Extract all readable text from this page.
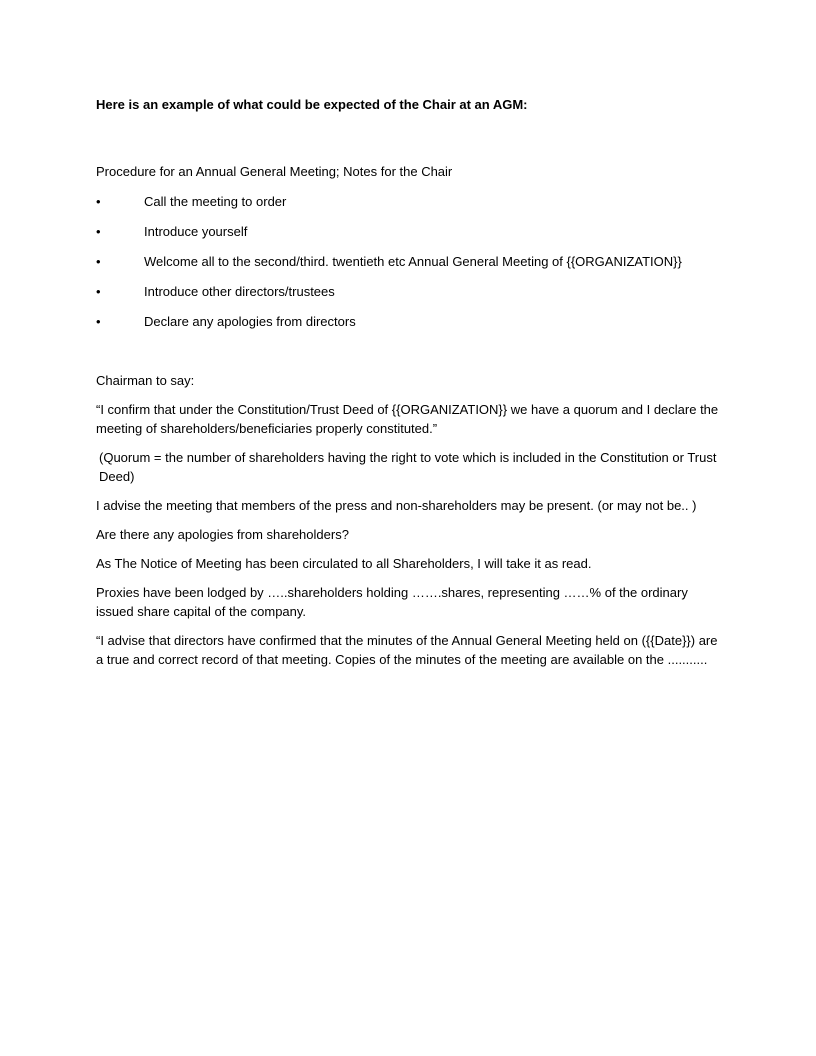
Here is an example of what could be expected of the Chair at an AGM:

Procedure for an Annual General Meeting; Notes for the Chair

•	Call the meeting to order
•	Introduce yourself
•	Welcome all to the second/third. twentieth etc Annual General Meeting of {{ORGANIZATION}}
•	Introduce other directors/trustees
•	Declare any apologies from directors

Chairman to say:

“I confirm that under the Constitution/Trust Deed of {{ORGANIZATION}} we have a quorum and I declare the meeting of shareholders/beneficiaries properly constituted.”

(Quorum = the number of shareholders having the right to vote which is included in the Constitution or Trust Deed)

I advise the meeting that members of the press and non-shareholders may be present. (or may not be.. )

Are there any apologies from shareholders?

As The Notice of Meeting has been circulated to all Shareholders, I will take it as read.

Proxies have been lodged by …..shareholders holding …….shares, representing ……% of the ordinary issued share capital of the company.

“I advise that directors have confirmed that the minutes of the Annual General Meeting held on ({{Date}}) are a true and correct record of that meeting. Copies of the minutes of the meeting are available on the ...........
